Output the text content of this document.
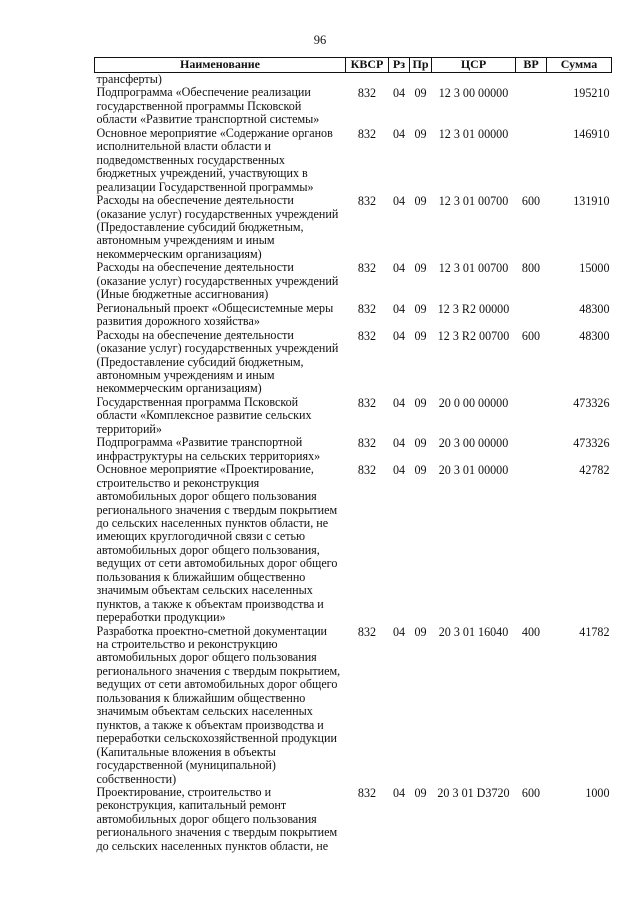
96
Наименование	КВСР	Рз	Пр	ЦСР	ВР	Сумма
трансферты)						
Подпрограмма «Обеспечение реализации государственной программы Псковской области «Развитие транспортной системы»	832	04	09	12 3 00 00000		195210
Основное мероприятие «Содержание органов исполнительной власти области и подведомственных государственных бюджетных учреждений, участвующих в реализации Государственной программы»	832	04	09	12 3 01 00000		146910
Расходы на обеспечение деятельности (оказание услуг) государственных учреждений (Предоставление субсидий бюджетным, автономным учреждениям и иным некоммерческим организациям)	832	04	09	12 3 01 00700	600	131910
Расходы на обеспечение деятельности (оказание услуг) государственных учреждений (Иные бюджетные ассигнования)	832	04	09	12 3 01 00700	800	15000
Региональный проект «Общесистемные меры развития дорожного хозяйства»	832	04	09	12 3 R2 00000		48300
Расходы на обеспечение деятельности (оказание услуг) государственных учреждений (Предоставление субсидий бюджетным, автономным учреждениям и иным некоммерческим организациям)	832	04	09	12 3 R2 00700	600	48300
Государственная программа Псковской области «Комплексное развитие сельских территорий»	832	04	09	20 0 00 00000		473326
Подпрограмма «Развитие транспортной инфраструктуры на сельских территориях»	832	04	09	20 3 00 00000		473326
Основное мероприятие «Проектирование, строительство и реконструкция автомобильных дорог общего пользования регионального значения с твердым покрытием до сельских населенных пунктов области, не имеющих круглогодичной связи с сетью автомобильных дорог общего пользования, ведущих от сети автомобильных дорог общего пользования к ближайшим общественно значимым объектам сельских населенных пунктов, а также к объектам производства и переработки продукции»	832	04	09	20 3 01 00000		42782
Разработка проектно-сметной документации на строительство и реконструкцию автомобильных дорог общего пользования регионального значения с твердым покрытием, ведущих от сети автомобильных дорог общего пользования к ближайшим общественно значимым объектам сельских населенных пунктов, а также к объектам производства и переработки сельскохозяйственной продукции (Капитальные вложения в объекты государственной (муниципальной) собственности)	832	04	09	20 3 01 16040	400	41782
Проектирование, строительство и реконструкция, капитальный ремонт автомобильных дорог общего пользования регионального значения с твердым покрытием до сельских населенных пунктов области, не	832	04	09	20 3 01 D3720	600	1000
